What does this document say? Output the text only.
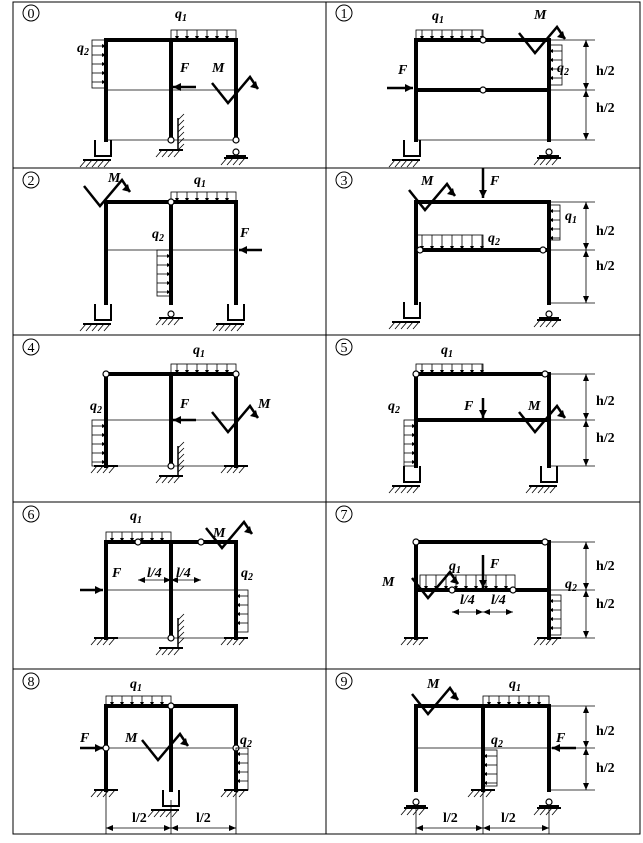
0	1
2	3
4	5
6	7
8	9
$q_1$
$q_2$
F M
$q_1$	M
F	$q_2$ h/2
h/2
M	$q_1$
$q_2$	F
M	F
$q_1$
h/2
$q_2$
h/2
$q_1$
$q_2$	F	M
$q_1$
$q_2$	F	M	h/2
h/2
$q_1$
M
F l/4 l/4	$q_2$
F
$q_1$
M	$q_2$
l/4 l/4
h/2
h/2
$q_1$
F	M	$q_2$
l/2	l/2
M	$q_1$
$q_2$	F h/2
h/2
l/2	l/2
